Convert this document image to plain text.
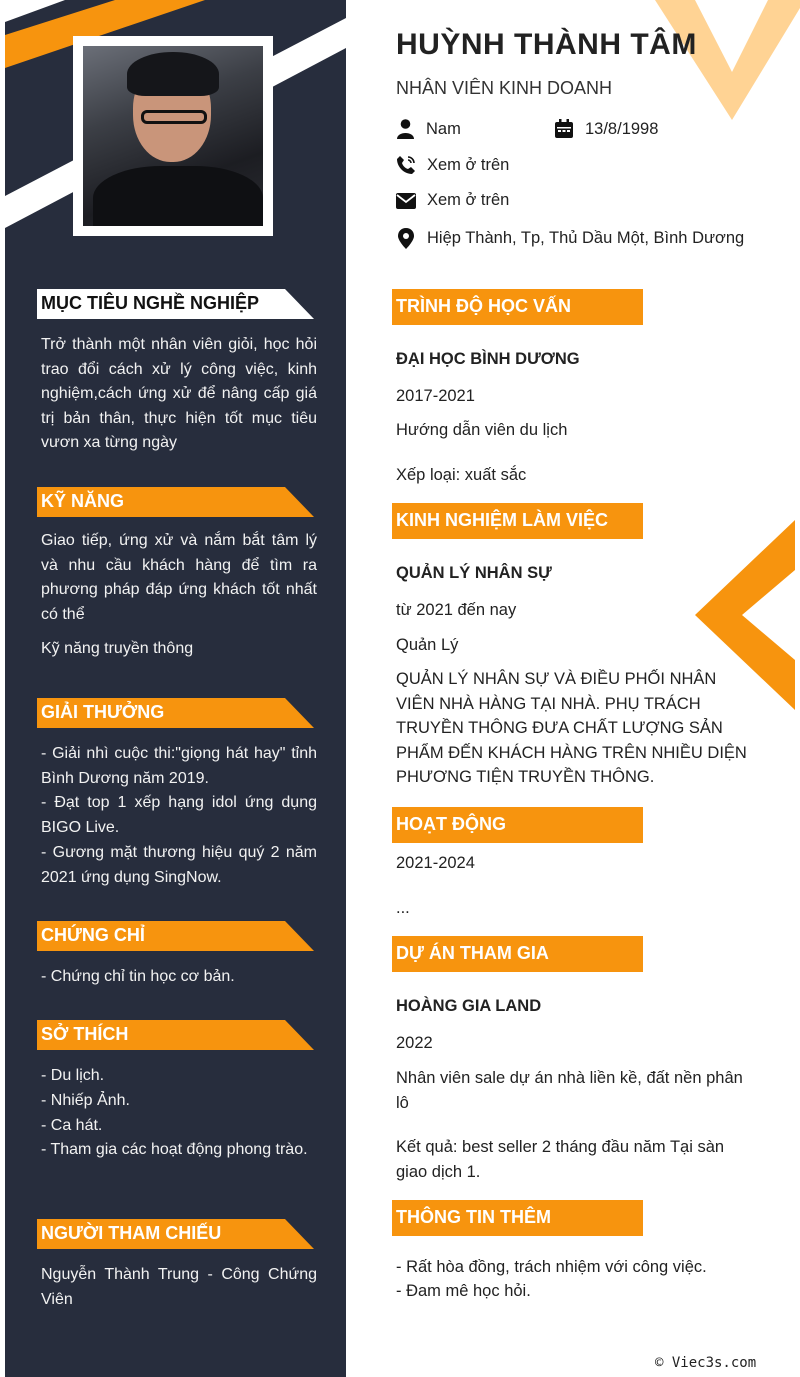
MỤC TIÊU NGHỀ NGHIỆP
Trở thành một nhân viên giỏi, học hỏi trao đổi cách xử lý công việc, kinh nghiệm,cách ứng xử để nâng cấp giá trị bản thân, thực hiện tốt mục tiêu vươn xa từng ngày
KỸ NĂNG
Giao tiếp, ứng xử và nắm bắt tâm lý và nhu cầu khách hàng để tìm ra phương pháp đáp ứng khách tốt nhất có thể
Kỹ năng truyền thông
GIẢI THƯỞNG
- Giải nhì cuộc thi:"giọng hát hay" tỉnh Bình Dương năm 2019.
- Đạt top 1 xếp hạng idol ứng dụng BIGO Live.
- Gương mặt thương hiệu quý 2 năm 2021 ứng dụng SingNow.
CHỨNG CHỈ
- Chứng chỉ tin học cơ bản.
SỞ THÍCH
- Du lịch.
- Nhiếp Ảnh.
- Ca hát.
- Tham gia các hoạt động phong trào.
NGƯỜI THAM CHIẾU
Nguyễn Thành Trung - Công Chứng Viên
HUỲNH THÀNH TÂM
NHÂN VIÊN KINH DOANH
Nam	13/8/1998
Xem ở trên
Xem ở trên
Hiệp Thành, Tp, Thủ Dầu Một, Bình Dương
TRÌNH ĐỘ HỌC VẤN
ĐẠI HỌC BÌNH DƯƠNG
2017-2021
Hướng dẫn viên du lịch
Xếp loại: xuất sắc
KINH NGHIỆM LÀM VIỆC
QUẢN LÝ NHÂN SỰ
từ 2021 đến nay
Quản Lý
QUẢN LÝ NHÂN SỰ VÀ ĐIỀU PHỐI NHÂN VIÊN NHÀ HÀNG TẠI NHÀ. PHỤ TRÁCH TRUYỀN THÔNG ĐƯA CHẤT LƯỢNG SẢN PHẨM ĐẾN KHÁCH HÀNG TRÊN NHIỀU DIỆN PHƯƠNG TIỆN TRUYỀN THÔNG.
HOẠT ĐỘNG
2021-2024
...
DỰ ÁN THAM GIA
HOÀNG GIA LAND
2022
Nhân viên sale dự án nhà liền kề, đất nền phân lô
Kết quả: best seller 2 tháng đầu năm Tại sàn giao dịch 1.
THÔNG TIN THÊM
- Rất hòa đồng, trách nhiệm với công việc.
- Đam mê học hỏi.
© Viec3s.com
